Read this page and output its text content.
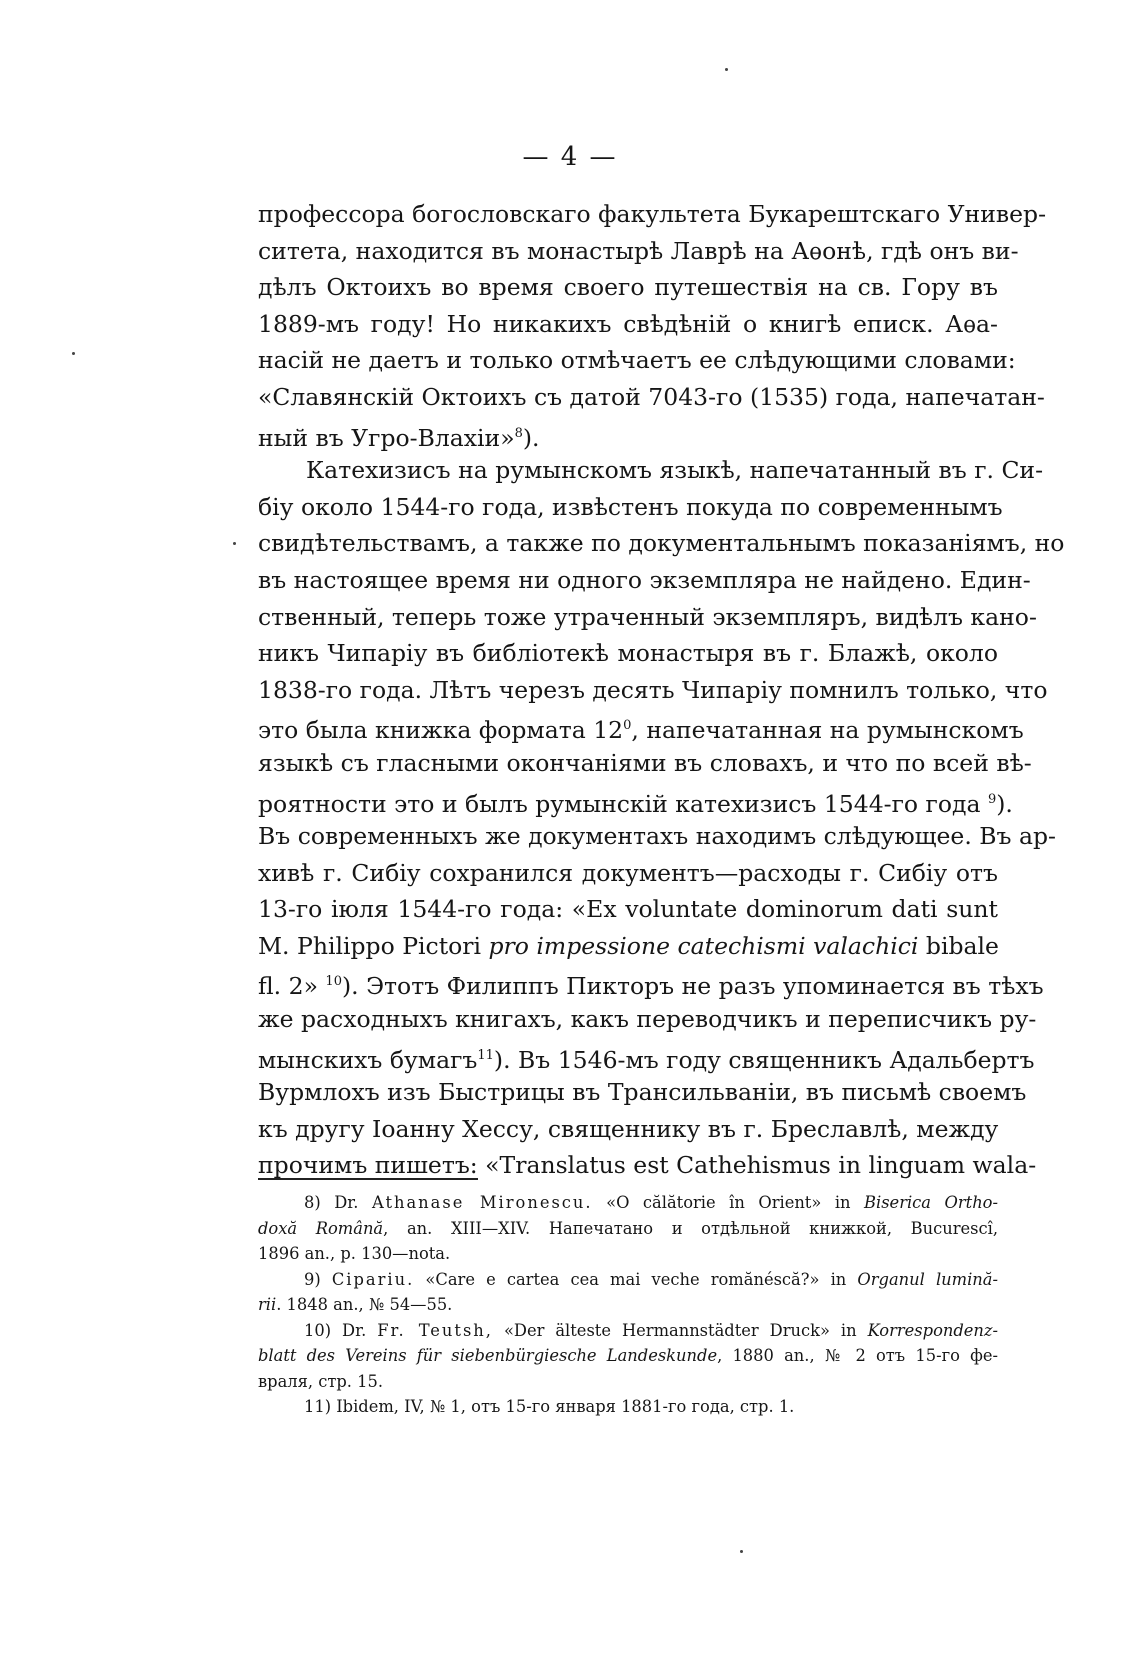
— 4 —
профессора богословскаго факультета Букарештскаго Универ-
ситета, находится въ монастырѣ Лаврѣ на Аѳонѣ, гдѣ онъ ви-
дѣлъ Октоихъ во время своего путешествія на св. Гору въ
1889-мъ году! Но никакихъ свѣдѣній о книгѣ еписк. Аѳа-
насій не даетъ и только отмѣчаетъ ее слѣдующими словами:
«Славянскій Октоихъ съ датой 7043-го (1535) года, напечатан-
ный въ Угро-Влахіи»$^8$).
Катехизисъ на румынскомъ языкѣ, напечатанный въ г. Си-
біу около 1544-го года, извѣстенъ покуда по современнымъ
свидѣтельствамъ, а также по документальнымъ показаніямъ, но
въ настоящее время ни одного экземпляра не найдено. Един-
ственный, теперь тоже утраченный экземпляръ, видѣлъ кано-
никъ Чипаріу въ библіотекѣ монастыря въ г. Блажѣ, около
1838-го года. Лѣтъ черезъ десять Чипаріу помнилъ только, что
это была книжка формата $12^0$, напечатанная на румынскомъ
языкѣ съ гласными окончаніями въ словахъ, и что по всей вѣ-
роятности это и былъ румынскій катехизисъ 1544-го года $^9$).
Въ современныхъ же документахъ находимъ слѣдующее. Въ ар-
хивѣ г. Сибіу сохранился документъ—расходы г. Сибіу отъ
13-го іюля 1544-го года: «Ex voluntate dominorum dati sunt
M. Philippo Pictori pro impessione catechismi valachici bibale
fl. 2» $^{10}$). Этотъ Филиппъ Пикторъ не разъ упоминается въ тѣхъ
же расходныхъ книгахъ, какъ переводчикъ и переписчикъ ру-
мынскихъ бумагъ$^{11}$). Въ 1546-мъ году священникъ Адальбертъ
Вурмлохъ изъ Быстрицы въ Трансильваніи, въ письмѣ своемъ
къ другу Іоанну Хессу, священнику въ г. Бреславлѣ, между
прочимъ пишетъ: «Translatus est Cathehismus in linguam wala-
8) Dr. Athanase Mironescu. «O călătorie în Orient» in Biserica Ortho-
doxă Română, an. XIII—XIV. Напечатано и отдѣльной книжкой, Bucurescî,
1896 an., p. 130—nota.
9) Cipariu. «Care e cartea cea mai veche romănéscă?» in Organul lumină-
rii. 1848 an., № 54—55.
10) Dr. Fr. Teutsh, «Der älteste Hermannstädter Druck» in Korrespondenz-
blatt des Vereins für siebenbürgiesche Landeskunde, 1880 an., № 2 отъ 15-го фе-
враля, стр. 15.
11) Ibidem, IV, № 1, отъ 15-го января 1881-го года, стр. 1.
